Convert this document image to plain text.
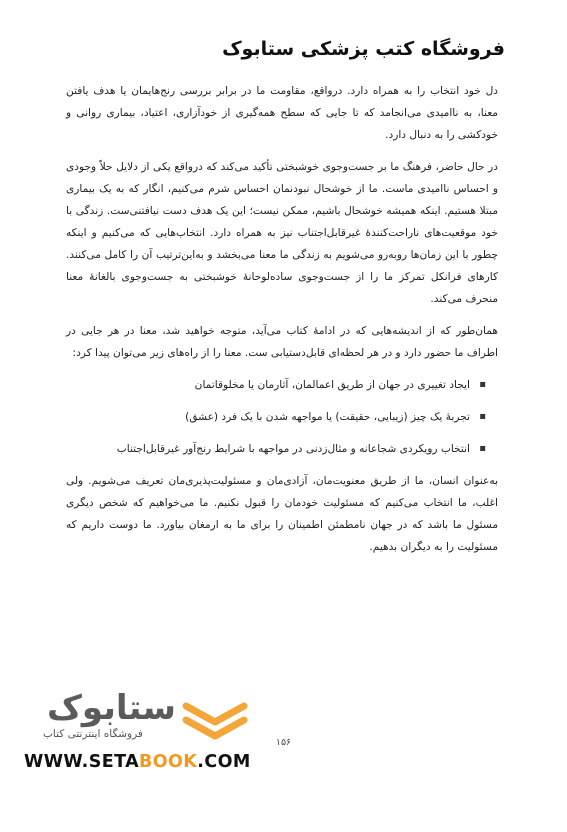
فروشگاه کتب پزشکی ستابوک

دل خود انتخاب را به همراه دارد. درواقع، مقاومت ما در برابر بررسی رنج‌هایمان یا هدف یافتن معنا، به ناامیدی می‌انجامد که تا جایی که سطح همه‌گیری از خودآزاری، اعتیاد، بیماری روانی و خودکشی را به دنبال دارد.

در حال حاضر، فرهنگ ما بر جست‌وجوی خوشبختی تأکید می‌کند که درواقع یکی از دلایل حلاً وجودی و احساس ناامیدی ماست. ما از خوشحال نبودنمان احساس شرم می‌کنیم، انگار که به یک بیماری مبتلا هستیم. اینکه همیشه خوشحال باشیم، ممکن نیست؛ این یک هدف دست نیافتنی‌ست. زندگی با خود موقعیت‌های ناراحت‌کنندهٔ غیرقابل‌اجتناب نیز به همراه دارد. انتخاب‌هایی که می‌کنیم و اینکه چطور با این زمان‌ها روبه‌رو می‌شویم به زندگی ما معنا می‌بخشد و به‌این‌ترتیب آن را کامل می‌کنند. کارهای فرانکل تمرکز ما را از جست‌وجوی ساده‌لوحانهٔ خوشبختی به جست‌وجوی بالغانهٔ معنا منحرف می‌کند.

همان‌طور که از اندیشه‌هایی که در ادامهٔ کتاب می‌آید، متوجه خواهید شد، معنا در هر جایی در اطراف ما حضور دارد و در هر لحظه‌ای قابل‌دستیابی ست. معنا را از راه‌های زیر می‌توان پیدا کرد:

▪ ایجاد تغییری در جهان از طریق اعمالمان، آثارمان یا مخلوقاتمان
▪ تجربهٔ یک چیز (زیبایی، حقیقت) یا مواجهه شدن با یک فرد (عشق)
▪ انتخاب رویکردی شجاعانه و مثال‌زدنی در مواجهه با شرایط رنج‌آور غیرقابل‌اجتناب

به‌عنوان انسان، ما از طریق معنویت‌مان، آزادی‌مان و مسئولیت‌پذیری‌مان تعریف می‌شویم. ولی اغلب، ما انتخاب می‌کنیم که مسئولیت خودمان را قبول نکنیم. ما می‌خواهیم که شخص دیگری مسئول ما باشد که در جهان نامطمئن اطمینان را برای ما به ارمغان بیاورد. ما دوست داریم که مسئولیت را به دیگران بدهیم.

ستابوک
فروشگاه اینترنتی کتاب
۱۵۶
WWW.SETABOOK.COM
